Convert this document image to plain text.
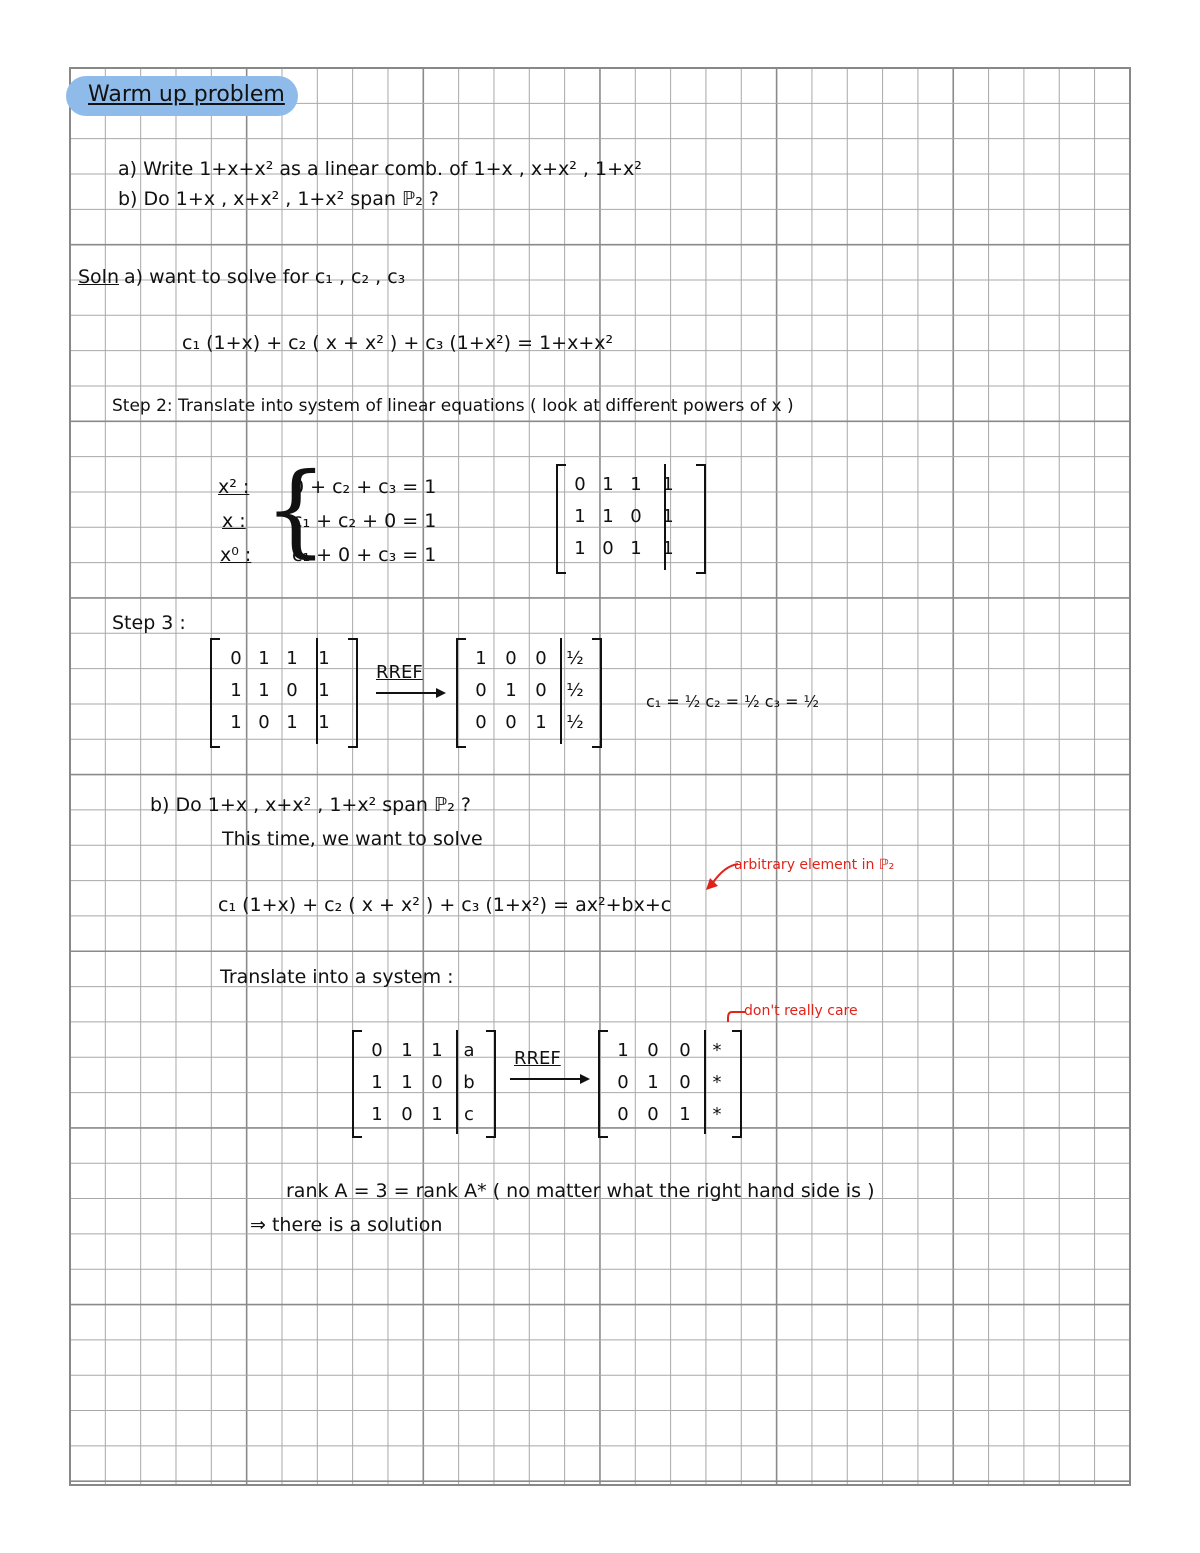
Warm up problem
a) Write 1+x+x² as a linear comb. of 1+x , x+x² , 1+x²
b) Do 1+x , x+x² , 1+x² span ℙ₂ ?
Soln a) want to solve for c₁ , c₂ , c₃
c₁ (1+x) + c₂ ( x + x² ) + c₃ (1+x²) = 1+x+x²
Step 2: Translate into system of linear equations ( look at different powers of x )
x² :
x :
x⁰ : {
0 + c₂ + c₃ = 1
c₁ + c₂ + 0 = 1
c₁ + 0 + c₃ = 1
0 1 1	1
1 1 0	1
1 0 1	1
Step 3 :
0 1 1	1
1 1 0	1
1 0 1	1
RREF
1	0	0	½
0	1	0	½
0	0	1	½
c₁ = ½ c₂ = ½ c₃ = ½
b) Do 1+x , x+x² , 1+x² span ℙ₂ ?
This time, we want to solve
c₁ (1+x) + c₂ ( x + x² ) + c₃ (1+x²) = ax²+bx+c
arbitrary element in ℙ₂
Translate into a system :
don't really care
0	1	1	a
1	1	0	b
1	0	1	c
RREF	1	0	0	*
0	1	0	*
0	0	1	*
rank A = 3 = rank A* ( no matter what the right hand side is )
⇒ there is a solution
